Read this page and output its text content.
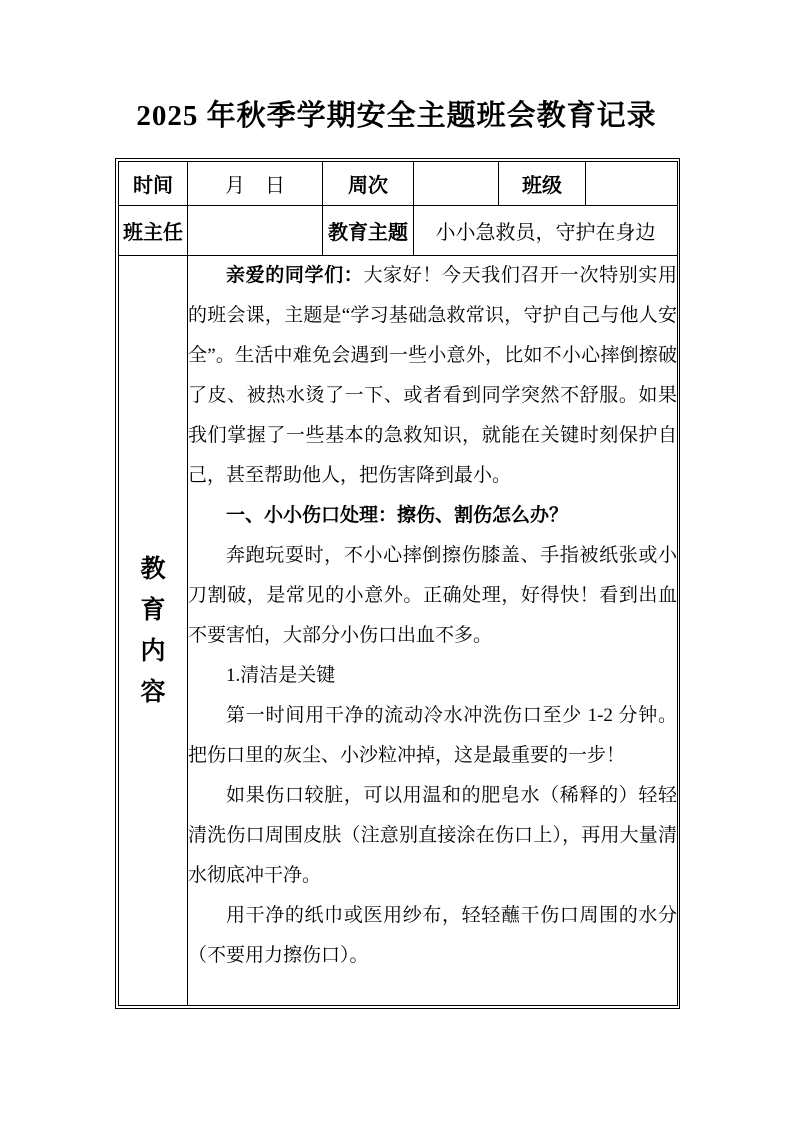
2025 年秋季学期安全主题班会教育记录
时间	月　日	周次		班级	
班主任		教育主题	小小急救员，守护在身边		

教育内容

亲爱的同学们：大家好！今天我们召开一次特别实用的班会课，主题是“学习基础急救常识，守护自己与他人安全”。生活中难免会遇到一些小意外，比如不小心摔倒擦破了皮、被热水烫了一下、或者看到同学突然不舒服。如果我们掌握了一些基本的急救知识，就能在关键时刻保护自己，甚至帮助他人，把伤害降到最小。

一、小小伤口处理：擦伤、割伤怎么办？

奔跑玩耍时，不小心摔倒擦伤膝盖、手指被纸张或小刀割破，是常见的小意外。正确处理，好得快！看到出血不要害怕，大部分小伤口出血不多。

1.清洁是关键

第一时间用干净的流动冷水冲洗伤口至少 1-2 分钟。把伤口里的灰尘、小沙粒冲掉，这是最重要的一步！

如果伤口较脏，可以用温和的肥皂水（稀释的）轻轻清洗伤口周围皮肤（注意别直接涂在伤口上），再用大量清水彻底冲干净。

用干净的纸巾或医用纱布，轻轻蘸干伤口周围的水分（不要用力擦伤口）。
